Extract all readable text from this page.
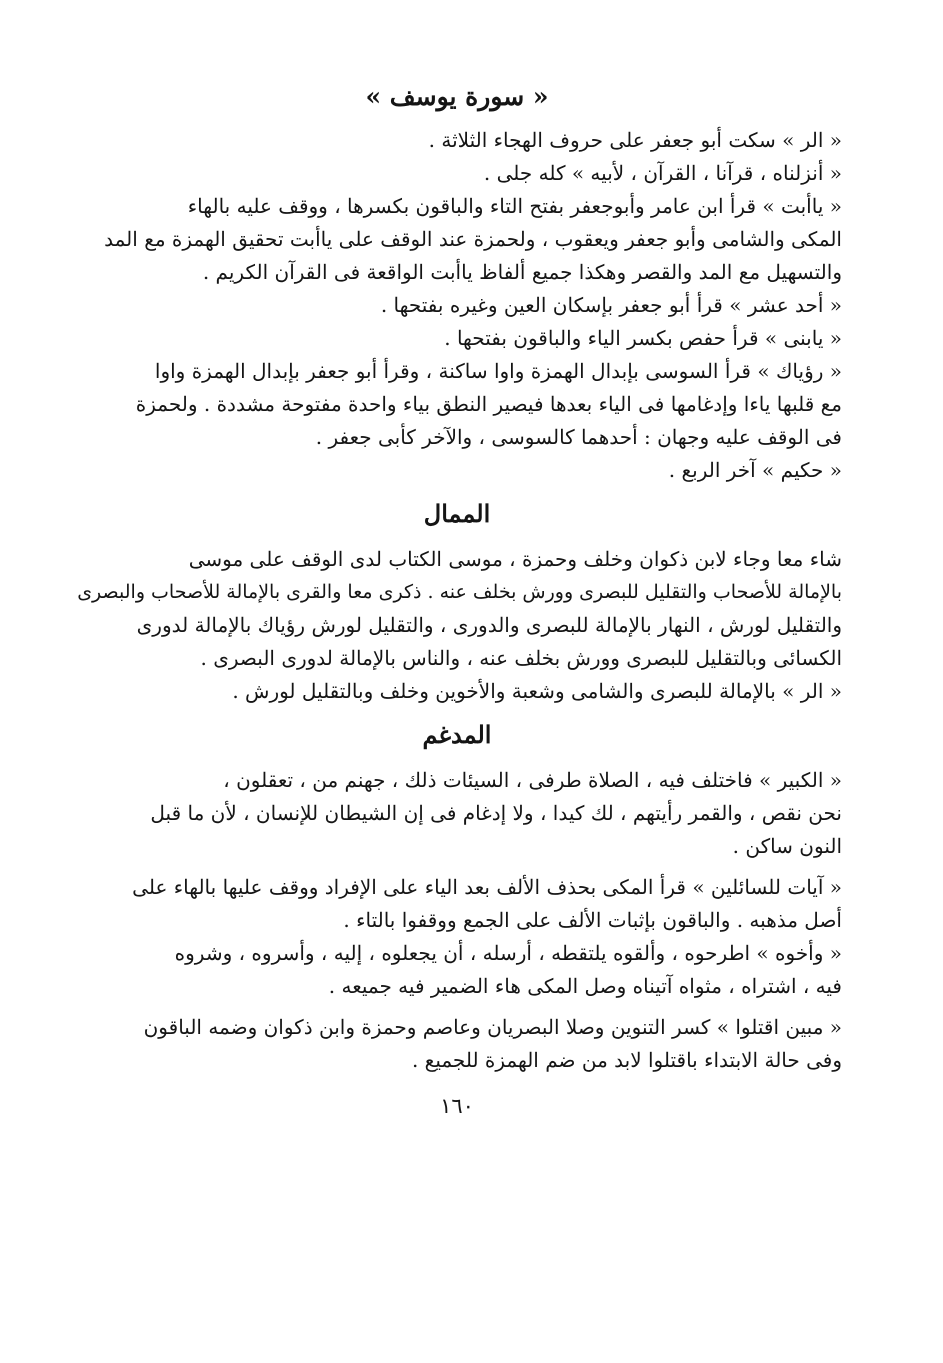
« سورة يوسف »

« الر » سكت أبو جعفر على حروف الهجاء الثلاثة .

« أنزلناه ، قرآنا ، القرآن ، لأبيه » كله جلى .

« ياأبت » قرأ ابن عامر وأبوجعفر بفتح التاء والباقون بكسرها ، ووقف عليه بالهاء

المكى والشامى وأبو جعفر ويعقوب ، ولحمزة عند الوقف على ياأبت تحقيق الهمزة مع المد

والتسهيل مع المد والقصر وهكذا جميع ألفاظ ياأبت الواقعة فى القرآن الكريم .

« أحد عشر » قرأ أبو جعفر بإسكان العين وغيره بفتحها .

« يابنى » قرأ حفص بكسر الياء والباقون بفتحها .

« رؤياك » قرأ السوسى بإبدال الهمزة واوا ساكنة ، وقرأ أبو جعفر بإبدال الهمزة واوا

مع قلبها ياءا وإدغامها فى الياء بعدها فيصير النطق بياء واحدة مفتوحة مشددة . ولحمزة

فى الوقف عليه وجهان : أحدهما كالسوسى ، والآخر كأبى جعفر .

« حكيم » آخر الربع .

الممال

شاء معا وجاء لابن ذكوان وخلف وحمزة ، موسى الكتاب لدى الوقف على موسى

بالإمالة للأصحاب والتقليل للبصرى وورش بخلف عنه . ذكرى معا والقرى بالإمالة للأصحاب والبصرى

والتقليل لورش ، النهار بالإمالة للبصرى والدورى ، والتقليل لورش رؤياك بالإمالة لدورى

الكسائى وبالتقليل للبصرى وورش بخلف عنه ، والناس بالإمالة لدورى البصرى .

« الر » بالإمالة للبصرى والشامى وشعبة والأخوين وخلف وبالتقليل لورش .

المدغم

« الكبير » فاختلف فيه ، الصلاة طرفى ، السيئات ذلك ، جهنم من ، تعقلون ،

نحن نقص ، والقمر رأيتهم ، لك كيدا ، ولا إدغام فى إن الشيطان للإنسان ، لأن ما قبل

النون ساكن .

« آيات للسائلين » قرأ المكى بحذف الألف بعد الياء على الإفراد ووقف عليها بالهاء على

أصل مذهبه . والباقون بإثبات الألف على الجمع ووقفوا بالتاء .

« وأخوه » اطرحوه ، وألقوه يلتقطه ، أرسله ، أن يجعلوه ، إليه ، وأسروه ، وشروه

فيه ، اشتراه ، مثواه آتيناه وصل المكى هاء الضمير فيه جميعه .

« مبين اقتلوا » كسر التنوين وصلا البصريان وعاصم وحمزة وابن ذكوان وضمه الباقون

وفى حالة الابتداء باقتلوا لابد من ضم الهمزة للجميع .

١٦٠
